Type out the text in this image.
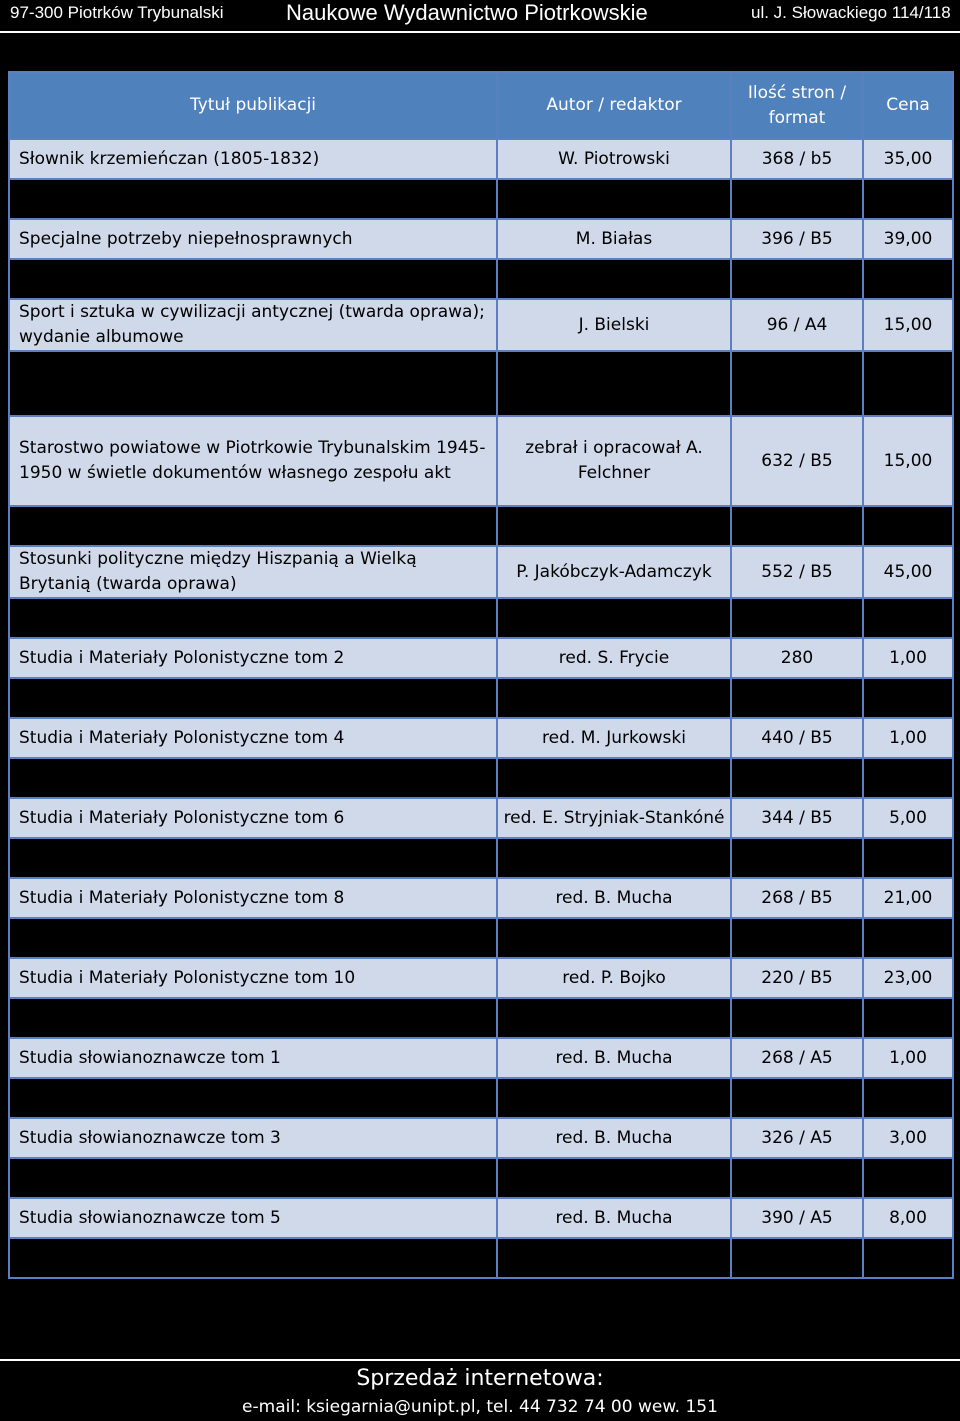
97-300 Piotrków Trybunalski	Naukowe Wydawnictwo Piotrkowskie	ul. J. Słowackiego 114/118
Tytuł publikacji	Autor / redaktor	Ilość stron / format	Cena
Słownik krzemieńczan (1805-1832)	W. Piotrowski	368 / b5	35,00
Słyszę szept skrzydeł	D. Mucha	170 / a5	8,00
Specjalne potrzeby niepełnosprawnych	M. Białas	396 / B5	39,00
Społeczeństwo polskie w pierwszej dekadzie XXI wieku	red. A. Dębska	218 / B5	23,00
Sport i sztuka w cywilizacji antycznej (twarda oprawa); wydanie albumowe	J. Bielski	96 / A4	15,00
Stanisław Wyspiański – człowiek wszechstronny. Rozprawy z kultury i literaturoznawstwa	red. W. Piotrowski	314 / B5	25,00
Starostwo powiatowe w Piotrkowie Trybunalskim 1945-1950 w świetle dokumentów własnego zespołu akt	zebrał i opracował A. Felchner	632 / B5	15,00
Sto lat Rosji w Królestwie Polskim (1815-1915)	J. Kukulski	416 / B5	24,00
Stosunki polityczne między Hiszpanią a Wielką Brytanią (twarda oprawa)	P. Jakóbczyk-Adamczyk	552 / B5	45,00
Studia i Materiały Polonistyczne tom 1	red. W. Nawrocki	212 / B5	1,00
Studia i Materiały Polonistyczne tom 2	red. S. Frycie	280	1,00
Studia i Materiały Polonistyczne tom 3	red. S. Gala	296 / B5	1,00
Studia i Materiały Polonistyczne tom 4	red. M. Jurkowski	440 / B5	1,00
Studia i Materiały Polonistyczne tom 5	red. U. Żydek-Bednarczuk	332 / B5	5,00
Studia i Materiały Polonistyczne tom 6	red. E. Stryjniak-Stankóné	344 / B5	5,00
Studia i Materiały Polonistyczne tom 7	red. A. Chruszczyński	286 / B5	24,00
Studia i Materiały Polonistyczne tom 8	red. B. Mucha	268 / B5	21,00
Studia i Materiały Polonistyczne tom 9	red. P. Bojko	280 / B5	26,00
Studia i Materiały Polonistyczne tom 10	red. P. Bojko	220 / B5	23,00
Studia o prozie	W Piotrowski	196 / A5	5,00
Studia słowianoznawcze tom 1	red. B. Mucha	268 / A5	1,00
Studia słowianoznawcze tom 2	red. B. Mucha	334 / A5	1,00
Studia słowianoznawcze tom 3	red. B. Mucha	326 / A5	3,00
Studia słowianoznawcze tom 4	red. B. Mucha	392 / A5	8,00
Studia słowianoznawcze tom 5	red. B. Mucha	390 / A5	8,00
Studia słowianoznawcze tom 6	red. B. Mucha	438 / A5	26,00
Sprzedaż internetowa:
e-mail: ksiegarnia@unipt.pl, tel. 44 732 74 00 wew. 151
